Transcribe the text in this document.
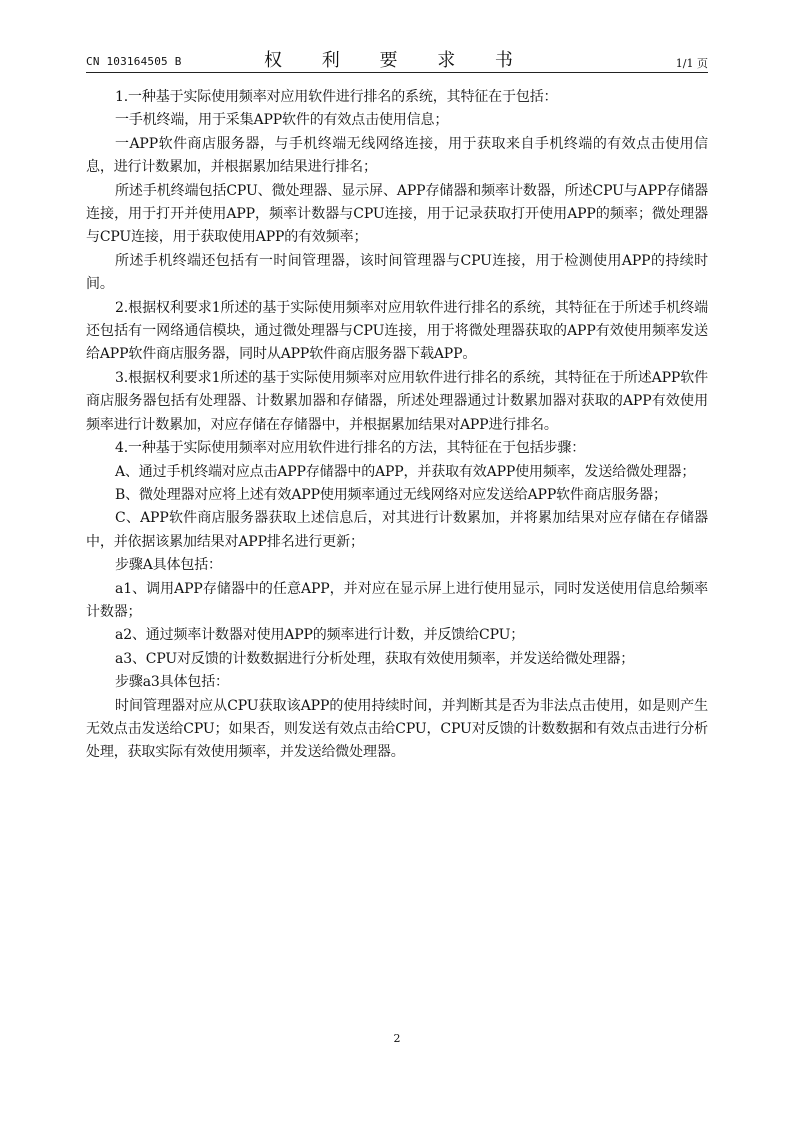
CN 103164505 B	权 利 要 求 书	1/1 页

1.一种基于实际使用频率对应用软件进行排名的系统，其特征在于包括：

一手机终端，用于采集APP软件的有效点击使用信息；

一APP软件商店服务器，与手机终端无线网络连接，用于获取来自手机终端的有效点击使用信息，进行计数累加，并根据累加结果进行排名；

所述手机终端包括CPU、微处理器、显示屏、APP存储器和频率计数器，所述CPU与APP存储器连接，用于打开并使用APP，频率计数器与CPU连接，用于记录获取打开使用APP的频率；微处理器与CPU连接，用于获取使用APP的有效频率；

所述手机终端还包括有一时间管理器，该时间管理器与CPU连接，用于检测使用APP的持续时间。

2.根据权利要求1所述的基于实际使用频率对应用软件进行排名的系统，其特征在于所述手机终端还包括有一网络通信模块，通过微处理器与CPU连接，用于将微处理器获取的APP有效使用频率发送给APP软件商店服务器，同时从APP软件商店服务器下载APP。

3.根据权利要求1所述的基于实际使用频率对应用软件进行排名的系统，其特征在于所述APP软件商店服务器包括有处理器、计数累加器和存储器，所述处理器通过计数累加器对获取的APP有效使用频率进行计数累加，对应存储在存储器中，并根据累加结果对APP进行排名。

4.一种基于实际使用频率对应用软件进行排名的方法，其特征在于包括步骤：

A、通过手机终端对应点击APP存储器中的APP，并获取有效APP使用频率，发送给微处理器；

B、微处理器对应将上述有效APP使用频率通过无线网络对应发送给APP软件商店服务器；

C、APP软件商店服务器获取上述信息后，对其进行计数累加，并将累加结果对应存储在存储器中，并依据该累加结果对APP排名进行更新；

步骤A具体包括：

a1、调用APP存储器中的任意APP，并对应在显示屏上进行使用显示，同时发送使用信息给频率计数器；

a2、通过频率计数器对使用APP的频率进行计数，并反馈给CPU；

a3、CPU对反馈的计数数据进行分析处理，获取有效使用频率，并发送给微处理器；

步骤a3具体包括：

时间管理器对应从CPU获取该APP的使用持续时间，并判断其是否为非法点击使用，如是则产生无效点击发送给CPU；如果否，则发送有效点击给CPU，CPU对反馈的计数数据和有效点击进行分析处理，获取实际有效使用频率，并发送给微处理器。

2
